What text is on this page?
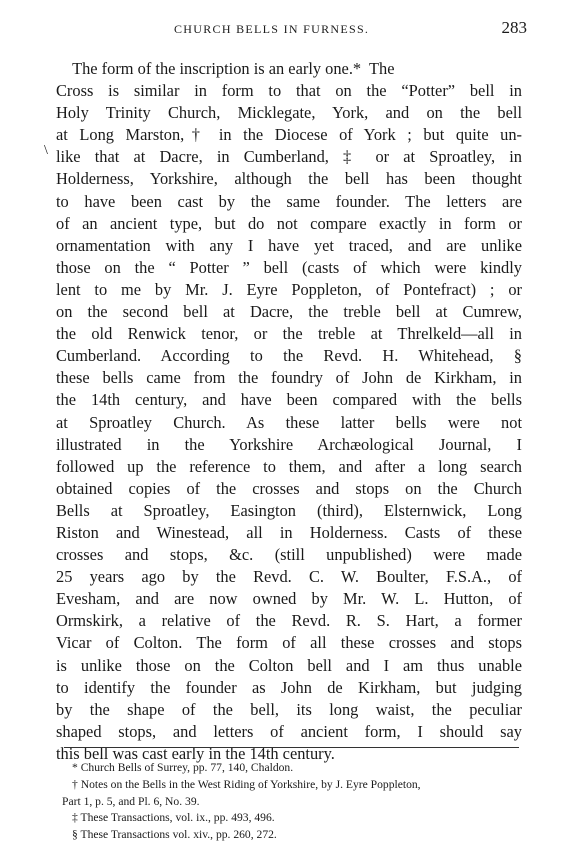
CHURCH BELLS IN FURNESS.	283
\
The form of the inscription is an early one.*  The
Cross is similar in form to that on the “Potter” bell in
Holy Trinity Church, Micklegate, York, and on the bell
at Long Marston,† in the Diocese of York ; but quite un-
like that at Dacre, in Cumberland, ‡ or at Sproatley, in
Holderness, Yorkshire, although the bell has been thought
to have been cast by the same founder. The letters are
of an ancient type, but do not compare exactly in form or
ornamentation with any I have yet traced, and are unlike
those on the “ Potter ” bell (casts of which were kindly
lent to me by Mr. J. Eyre Poppleton, of Pontefract) ; or
on the second bell at Dacre, the treble bell at Cumrew,
the old Renwick tenor, or the treble at Threlkeld—all in
Cumberland. According to the Revd. H. Whitehead, §
these bells came from the foundry of John de Kirkham, in
the 14th century, and have been compared with the bells
at Sproatley Church. As these latter bells were not
illustrated in the Yorkshire Archæological Journal, I
followed up the reference to them, and after a long search
obtained copies of the crosses and stops on the Church
Bells at Sproatley, Easington (third), Elsternwick, Long
Riston and Winestead, all in Holderness. Casts of these
crosses and stops, &c. (still unpublished) were made
25 years ago by the Revd. C. W. Boulter, F.S.A., of
Evesham, and are now owned by Mr. W. L. Hutton, of
Ormskirk, a relative of the Revd. R. S. Hart, a former
Vicar of Colton. The form of all these crosses and stops
is unlike those on the Colton bell and I am thus unable
to identify the founder as John de Kirkham, but judging
by the shape of the bell, its long waist, the peculiar
shaped stops, and letters of ancient form, I should say
this bell was cast early in the 14th century.
* Church Bells of Surrey, pp. 77, 140, Chaldon.
† Notes on the Bells in the West Riding of Yorkshire, by J. Eyre Poppleton,
Part 1, p. 5, and Pl. 6, No. 39.
‡ These Transactions, vol. ix., pp. 493, 496.
§ These Transactions vol. xiv., pp. 260, 272.
